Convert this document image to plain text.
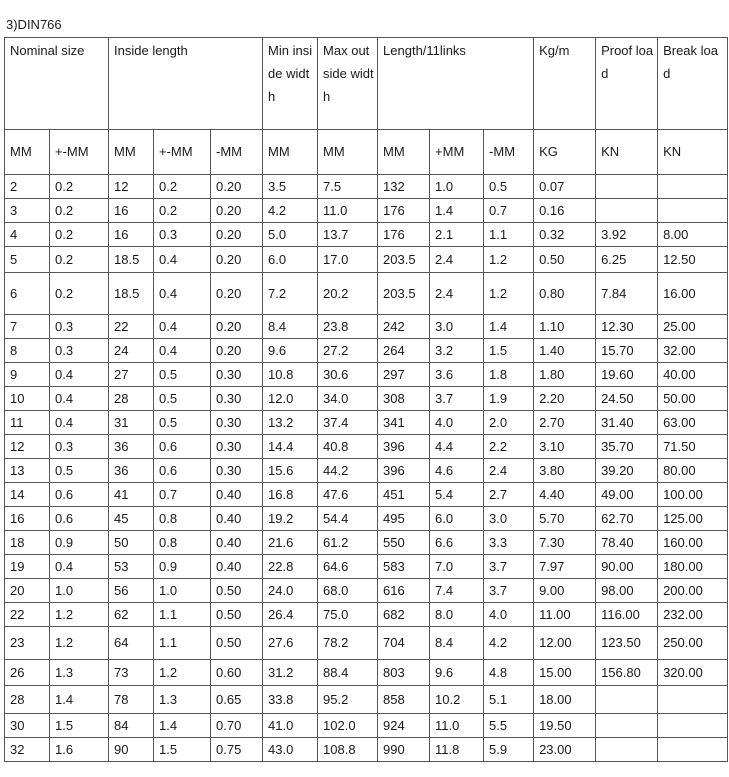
3)DIN766
Nominal size		Inside length			Min inside width	Max outside width	Length/11links			Kg/m	Proof load	Break load
MM	+-MM	MM	+-MM	-MM	MM	MM	MM	+MM	-MM	KG	KN	KN
2	0.2	12	0.2	0.20	3.5	7.5	132	1.0	0.5	0.07		
3	0.2	16	0.2	0.20	4.2	11.0	176	1.4	0.7	0.16		
4	0.2	16	0.3	0.20	5.0	13.7	176	2.1	1.1	0.32	3.92	8.00
5	0.2	18.5	0.4	0.20	6.0	17.0	203.5	2.4	1.2	0.50	6.25	12.50
6	0.2	18.5	0.4	0.20	7.2	20.2	203.5	2.4	1.2	0.80	7.84	16.00
7	0.3	22	0.4	0.20	8.4	23.8	242	3.0	1.4	1.10	12.30	25.00
8	0.3	24	0.4	0.20	9.6	27.2	264	3.2	1.5	1.40	15.70	32.00
9	0.4	27	0.5	0.30	10.8	30.6	297	3.6	1.8	1.80	19.60	40.00
10	0.4	28	0.5	0.30	12.0	34.0	308	3.7	1.9	2.20	24.50	50.00
11	0.4	31	0.5	0.30	13.2	37.4	341	4.0	2.0	2.70	31.40	63.00
12	0.3	36	0.6	0.30	14.4	40.8	396	4.4	2.2	3.10	35.70	71.50
13	0.5	36	0.6	0.30	15.6	44.2	396	4.6	2.4	3.80	39.20	80.00
14	0.6	41	0.7	0.40	16.8	47.6	451	5.4	2.7	4.40	49.00	100.00
16	0.6	45	0.8	0.40	19.2	54.4	495	6.0	3.0	5.70	62.70	125.00
18	0.9	50	0.8	0.40	21.6	61.2	550	6.6	3.3	7.30	78.40	160.00
19	0.4	53	0.9	0.40	22.8	64.6	583	7.0	3.7	7.97	90.00	180.00
20	1.0	56	1.0	0.50	24.0	68.0	616	7.4	3.7	9.00	98.00	200.00
22	1.2	62	1.1	0.50	26.4	75.0	682	8.0	4.0	11.00	116.00	232.00
23	1.2	64	1.1	0.50	27.6	78.2	704	8.4	4.2	12.00	123.50	250.00
26	1.3	73	1.2	0.60	31.2	88.4	803	9.6	4.8	15.00	156.80	320.00
28	1.4	78	1.3	0.65	33.8	95.2	858	10.2	5.1	18.00		
30	1.5	84	1.4	0.70	41.0	102.0	924	11.0	5.5	19.50		
32	1.6	90	1.5	0.75	43.0	108.8	990	11.8	5.9	23.00		
